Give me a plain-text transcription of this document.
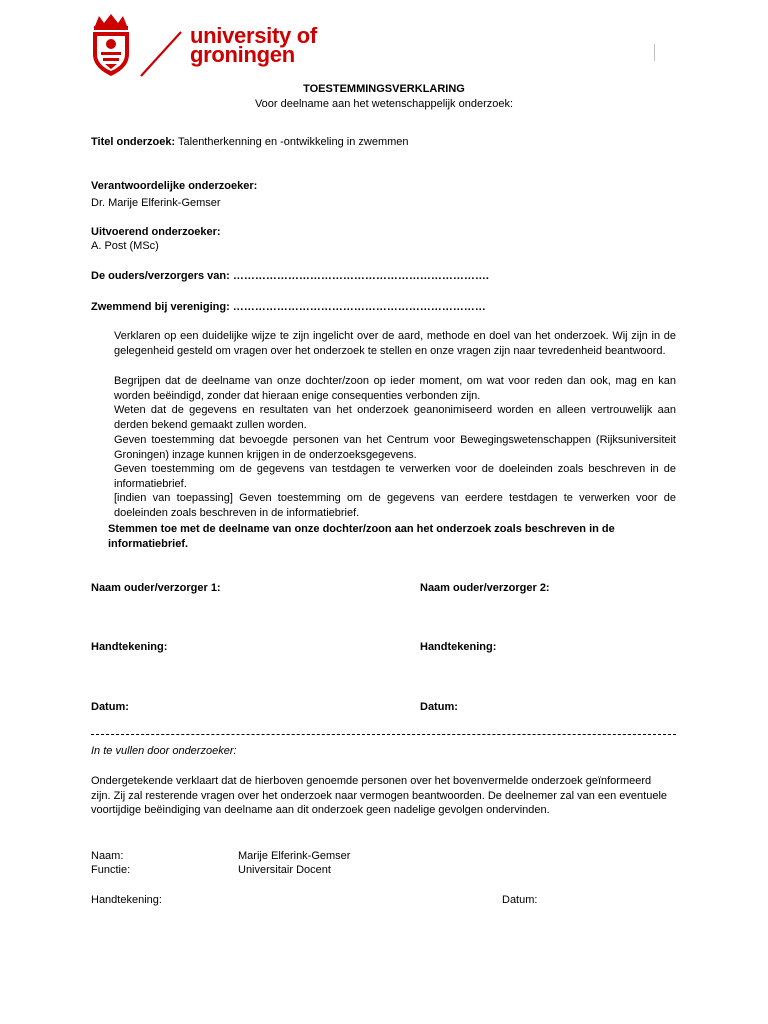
university of
groningen
TOESTEMMINGSVERKLARING
Voor deelname aan het wetenschappelijk onderzoek:
Titel onderzoek: Talentherkenning en -ontwikkeling in zwemmen
Verantwoordelijke onderzoeker:
Dr. Marije Elferink-Gemser
Uitvoerend onderzoeker:
A. Post (MSc)
De ouders/verzorgers van: …………………………………………………………….
Zwemmend bij vereniging: ……………………………………………………………
Verklaren op een duidelijke wijze te zijn ingelicht over de aard, methode en doel van het onderzoek. Wij zijn in de gelegenheid gesteld om vragen over het onderzoek te stellen en onze vragen zijn naar tevredenheid beantwoord.
Begrijpen dat de deelname van onze dochter/zoon op ieder moment, om wat voor reden dan ook, mag en kan worden beëindigd, zonder dat hieraan enige consequenties verbonden zijn.
Weten dat de gegevens en resultaten van het onderzoek geanonimiseerd worden en alleen vertrouwelijk aan derden bekend gemaakt zullen worden.
Geven toestemming dat bevoegde personen van het Centrum voor Bewegingswetenschappen (Rijksuniversiteit Groningen) inzage kunnen krijgen in de onderzoeksgegevens.
Geven toestemming om de gegevens van testdagen te verwerken voor de doeleinden zoals beschreven in de informatiebrief.
[indien van toepassing] Geven toestemming om de gegevens van eerdere testdagen te verwerken voor de doeleinden zoals beschreven in de informatiebrief.
Stemmen toe met de deelname van onze dochter/zoon aan het onderzoek zoals beschreven in de informatiebrief.
Naam ouder/verzorger 1:	Naam ouder/verzorger 2:
Handtekening:	Handtekening:
Datum:	Datum:
In te vullen door onderzoeker:
Ondergetekende verklaart dat de hierboven genoemde personen over het bovenvermelde onderzoek geïnformeerd zijn. Zij zal resterende vragen over het onderzoek naar vermogen beantwoorden. De deelnemer zal van een eventuele voortijdige beëindiging van deelname aan dit onderzoek geen nadelige gevolgen ondervinden.
Naam:	Marije Elferink-Gemser
Functie:	Universitair Docent
Handtekening:	Datum:
